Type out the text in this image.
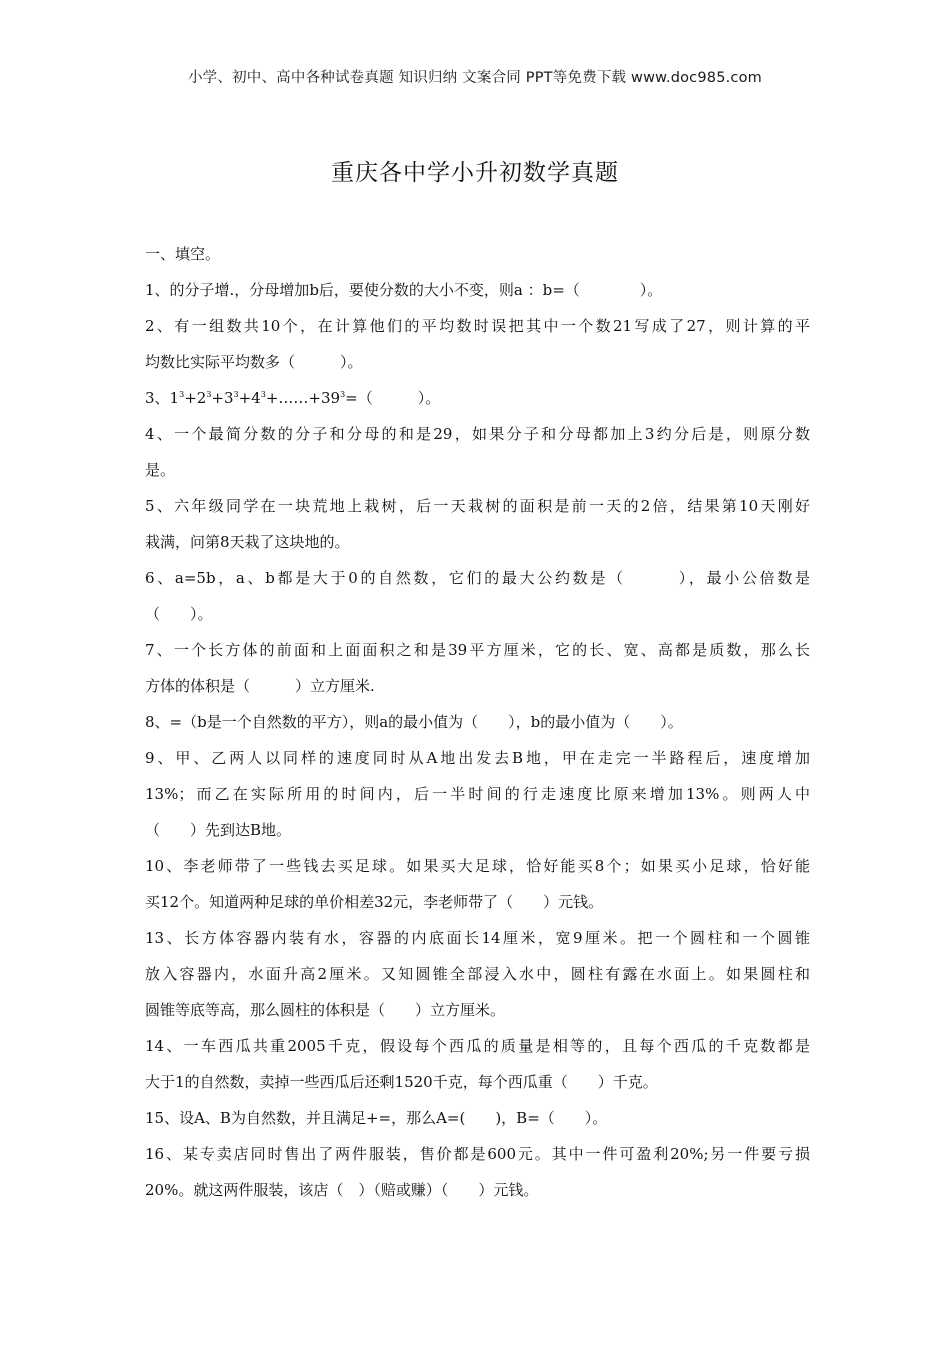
小学、初中、高中各种试卷真题 知识归纳 文案合同 PPT等免费下载 www.doc985.com
重庆各中学小升初数学真题

一、填空。

1、的分子增.，分母增加b后，要使分数的大小不变，则a ：b=（　　　　）。

2、有一组数共10个，在计算他们的平均数时误把其中一个数21写成了27，则计算的平

均数比实际平均数多（　　　）。

3、$1^3+2^3+3^3+4^3+\dots\dots+39^3=$（　　　）。

4、一个最简分数的分子和分母的和是29，如果分子和分母都加上3约分后是，则原分数

是。

5、六年级同学在一块荒地上栽树，后一天栽树的面积是前一天的2倍，结果第10天刚好

栽满，问第8天栽了这块地的。

6、a=5b，a、b都是大于0的自然数，它们的最大公约数是（　　　），最小公倍数是

（　　）。

7、一个长方体的前面和上面面积之和是39平方厘米，它的长、宽、高都是质数，那么长

方体的体积是（　　　）立方厘米.

8、=（b是一个自然数的平方），则a的最小值为（　　），b的最小值为（　　）。

9、甲、乙两人以同样的速度同时从A地出发去B地，甲在走完一半路程后，速度增加

13%；而乙在实际所用的时间内，后一半时间的行走速度比原来增加13%。则两人中

（　　）先到达B地。

10、李老师带了一些钱去买足球。如果买大足球，恰好能买8个；如果买小足球，恰好能

买12个。知道两种足球的单价相差32元，李老师带了（　　）元钱。

13、长方体容器内装有水，容器的内底面长14厘米，宽9厘米。把一个圆柱和一个圆锥

放入容器内，水面升高2厘米。又知圆锥全部浸入水中，圆柱有露在水面上。如果圆柱和

圆锥等底等高，那么圆柱的体积是（　　）立方厘米。

14、一车西瓜共重2005千克，假设每个西瓜的质量是相等的，且每个西瓜的千克数都是

大于1的自然数，卖掉一些西瓜后还剩1520千克，每个西瓜重（　　）千克。

15、设A、B为自然数，并且满足+=，那么A=(　　)，B=（　　）。

16、某专卖店同时售出了两件服装，售价都是600元。其中一件可盈利20%;另一件要亏损

20%。就这两件服装，该店（　）（赔或赚）（　　）元钱。
